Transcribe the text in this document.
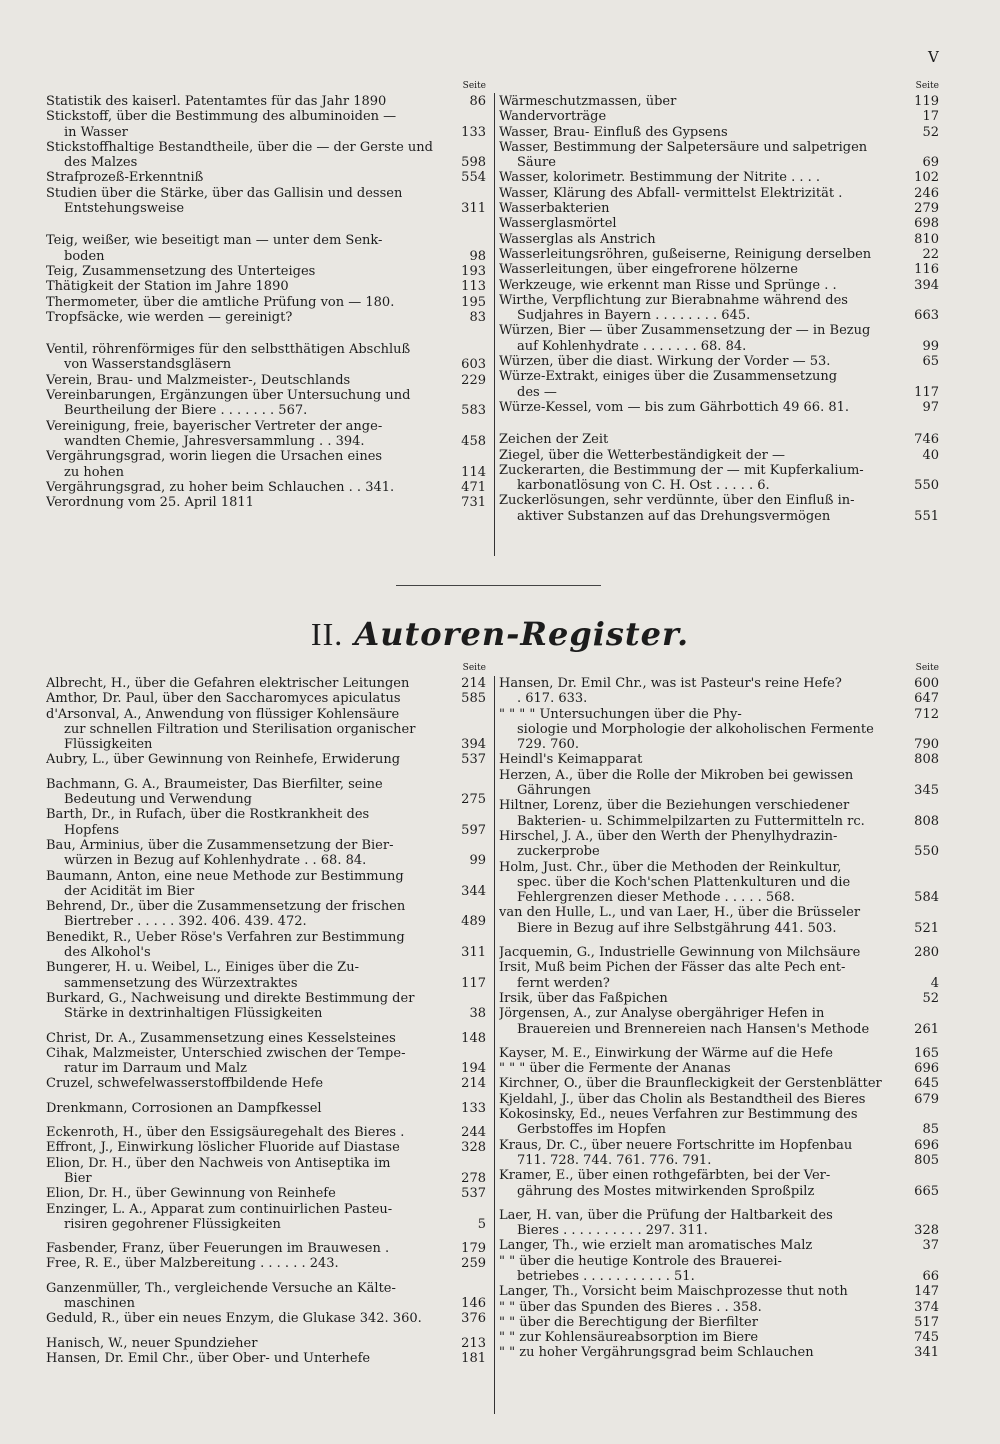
V
Seite
Statistik des kaiserl. Patentamtes für das Jahr 1890	86
Stickstoff, über die Bestimmung des albuminoiden —
in Wasser	133
Stickstoffhaltige Bestandtheile, über die — der Gerste und
des Malzes	598
Strafprozeß-Erkenntniß	554
Studien über die Stärke, über das Gallisin und dessen
Entstehungsweise	311
Teig, weißer, wie beseitigt man — unter dem Senk-
boden	98
Teig, Zusammensetzung des Unterteiges	193
Thätigkeit der Station im Jahre 1890	113
Thermometer, über die amtliche Prüfung von — 180.	195
Tropfsäcke, wie werden — gereinigt?	83
Ventil, röhrenförmiges für den selbstthätigen Abschluß
von Wasserstandsgläsern	603
Verein, Brau- und Malzmeister-, Deutschlands	229
Vereinbarungen, Ergänzungen über Untersuchung und
Beurtheilung der Biere . . . . . . . 567.	583
Vereinigung, freie, bayerischer Vertreter der ange-
wandten Chemie, Jahresversammlung . . 394.	458
Vergährungsgrad, worin liegen die Ursachen eines
zu hohen	114
Vergährungsgrad, zu hoher beim Schlauchen . . 341.	471
Verordnung vom 25. April 1811	731
Seite
Wärmeschutzmassen, über	119
Wandervorträge	17
Wasser, Brau- Einfluß des Gypsens	52
Wasser, Bestimmung der Salpetersäure und salpetrigen
Säure	69
Wasser, kolorimetr. Bestimmung der Nitrite . . . .	102
Wasser, Klärung des Abfall- vermittelst Elektrizität .	246
Wasserbakterien	279
Wasserglasmörtel	698
Wasserglas als Anstrich	810
Wasserleitungsröhren, gußeiserne, Reinigung derselben	22
Wasserleitungen, über eingefrorene hölzerne	116
Werkzeuge, wie erkennt man Risse und Sprünge . .	394
Wirthe, Verpflichtung zur Bierabnahme während des
Sudjahres in Bayern . . . . . . . . 645.	663
Würzen, Bier — über Zusammensetzung der — in Bezug
auf Kohlenhydrate . . . . . . . 68. 84.	99
Würzen, über die diast. Wirkung der Vorder — 53.	65
Würze-Extrakt, einiges über die Zusammensetzung
des —	117
Würze-Kessel, vom — bis zum Gährbottich 49 66. 81.	97
Zeichen der Zeit	746
Ziegel, über die Wetterbeständigkeit der —	40
Zuckerarten, die Bestimmung der — mit Kupferkalium-
karbonatlösung von C. H. Ost . . . . . 6.	550
Zuckerlösungen, sehr verdünnte, über den Einfluß in-
aktiver Substanzen auf das Drehungsvermögen	551
II. Autoren-Register.
Seite
Albrecht, H., über die Gefahren elektrischer Leitungen	214
Amthor, Dr. Paul, über den Saccharomyces apiculatus	585
d'Arsonval, A., Anwendung von flüssiger Kohlensäure
zur schnellen Filtration und Sterilisation organischer
Flüssigkeiten	394
Aubry, L., über Gewinnung von Reinhefe, Erwiderung	537
Bachmann, G. A., Braumeister, Das Bierfilter, seine
Bedeutung und Verwendung	275
Barth, Dr., in Rufach, über die Rostkrankheit des
Hopfens	597
Bau, Arminius, über die Zusammensetzung der Bier-
würzen in Bezug auf Kohlenhydrate . . 68. 84.	99
Baumann, Anton, eine neue Methode zur Bestimmung
der Acidität im Bier	344
Behrend, Dr., über die Zusammensetzung der frischen
Biertreber . . . . . 392. 406. 439. 472.	489
Benedikt, R., Ueber Röse's Verfahren zur Bestimmung
des Alkohol's	311
Bungerer, H. u. Weibel, L., Einiges über die Zu-
sammensetzung des Würzextraktes	117
Burkard, G., Nachweisung und direkte Bestimmung der
Stärke in dextrinhaltigen Flüssigkeiten	38
Christ, Dr. A., Zusammensetzung eines Kesselsteines	148
Cihak, Malzmeister, Unterschied zwischen der Tempe-
ratur im Darraum und Malz	194
Cruzel, schwefelwasserstoffbildende Hefe	214
Drenkmann, Corrosionen an Dampfkessel	133
Eckenroth, H., über den Essigsäuregehalt des Bieres .	244
Effront, J., Einwirkung löslicher Fluoride auf Diastase	328
Elion, Dr. H., über den Nachweis von Antiseptika im
Bier	278
Elion, Dr. H., über Gewinnung von Reinhefe	537
Enzinger, L. A., Apparat zum continuirlichen Pasteu-
risiren gegohrener Flüssigkeiten	5
Fasbender, Franz, über Feuerungen im Brauwesen .	179
Free, R. E., über Malzbereitung . . . . . . 243.	259
Ganzenmüller, Th., vergleichende Versuche an Kälte-
maschinen	146
Geduld, R., über ein neues Enzym, die Glukase 342. 360.	376
Hanisch, W., neuer Spundzieher	213
Hansen, Dr. Emil Chr., über Ober- und Unterhefe	181
Seite
Hansen, Dr. Emil Chr., was ist Pasteur's reine Hefe?	600
. 617. 633.	647
" " " " Untersuchungen über die Phy-	712
siologie und Morphologie der alkoholischen Fermente
729. 760.	790
Heindl's Keimapparat	808
Herzen, A., über die Rolle der Mikroben bei gewissen
Gährungen	345
Hiltner, Lorenz, über die Beziehungen verschiedener
Bakterien- u. Schimmelpilzarten zu Futtermitteln rc.	808
Hirschel, J. A., über den Werth der Phenylhydrazin-
zuckerprobe	550
Holm, Just. Chr., über die Methoden der Reinkultur,
spec. über die Koch'schen Plattenkulturen und die
Fehlergrenzen dieser Methode . . . . . 568.	584
van den Hulle, L., und van Laer, H., über die Brüsseler
Biere in Bezug auf ihre Selbstgährung 441. 503.	521
Jacquemin, G., Industrielle Gewinnung von Milchsäure	280
Irsit, Muß beim Pichen der Fässer das alte Pech ent-
fernt werden?	4
Irsik, über das Faßpichen	52
Jörgensen, A., zur Analyse obergähriger Hefen in
Brauereien und Brennereien nach Hansen's Methode	261
Kayser, M. E., Einwirkung der Wärme auf die Hefe	165
" " " über die Fermente der Ananas	696
Kirchner, O., über die Braunfleckigkeit der Gerstenblätter	645
Kjeldahl, J., über das Cholin als Bestandtheil des Bieres	679
Kokosinsky, Ed., neues Verfahren zur Bestimmung des
Gerbstoffes im Hopfen	85
Kraus, Dr. C., über neuere Fortschritte im Hopfenbau	696
711. 728. 744. 761. 776. 791.	805
Kramer, E., über einen rothgefärbten, bei der Ver-
gährung des Mostes mitwirkenden Sproßpilz	665
Laer, H. van, über die Prüfung der Haltbarkeit des
Bieres . . . . . . . . . . 297. 311.	328
Langer, Th., wie erzielt man aromatisches Malz	37
" " über die heutige Kontrole des Brauerei-
betriebes . . . . . . . . . . . 51.	66
Langer, Th., Vorsicht beim Maischprozesse thut noth	147
" " über das Spunden des Bieres . . 358.	374
" " über die Berechtigung der Bierfilter	517
" " zur Kohlensäureabsorption im Biere	745
" " zu hoher Vergährungsgrad beim Schlauchen	341
